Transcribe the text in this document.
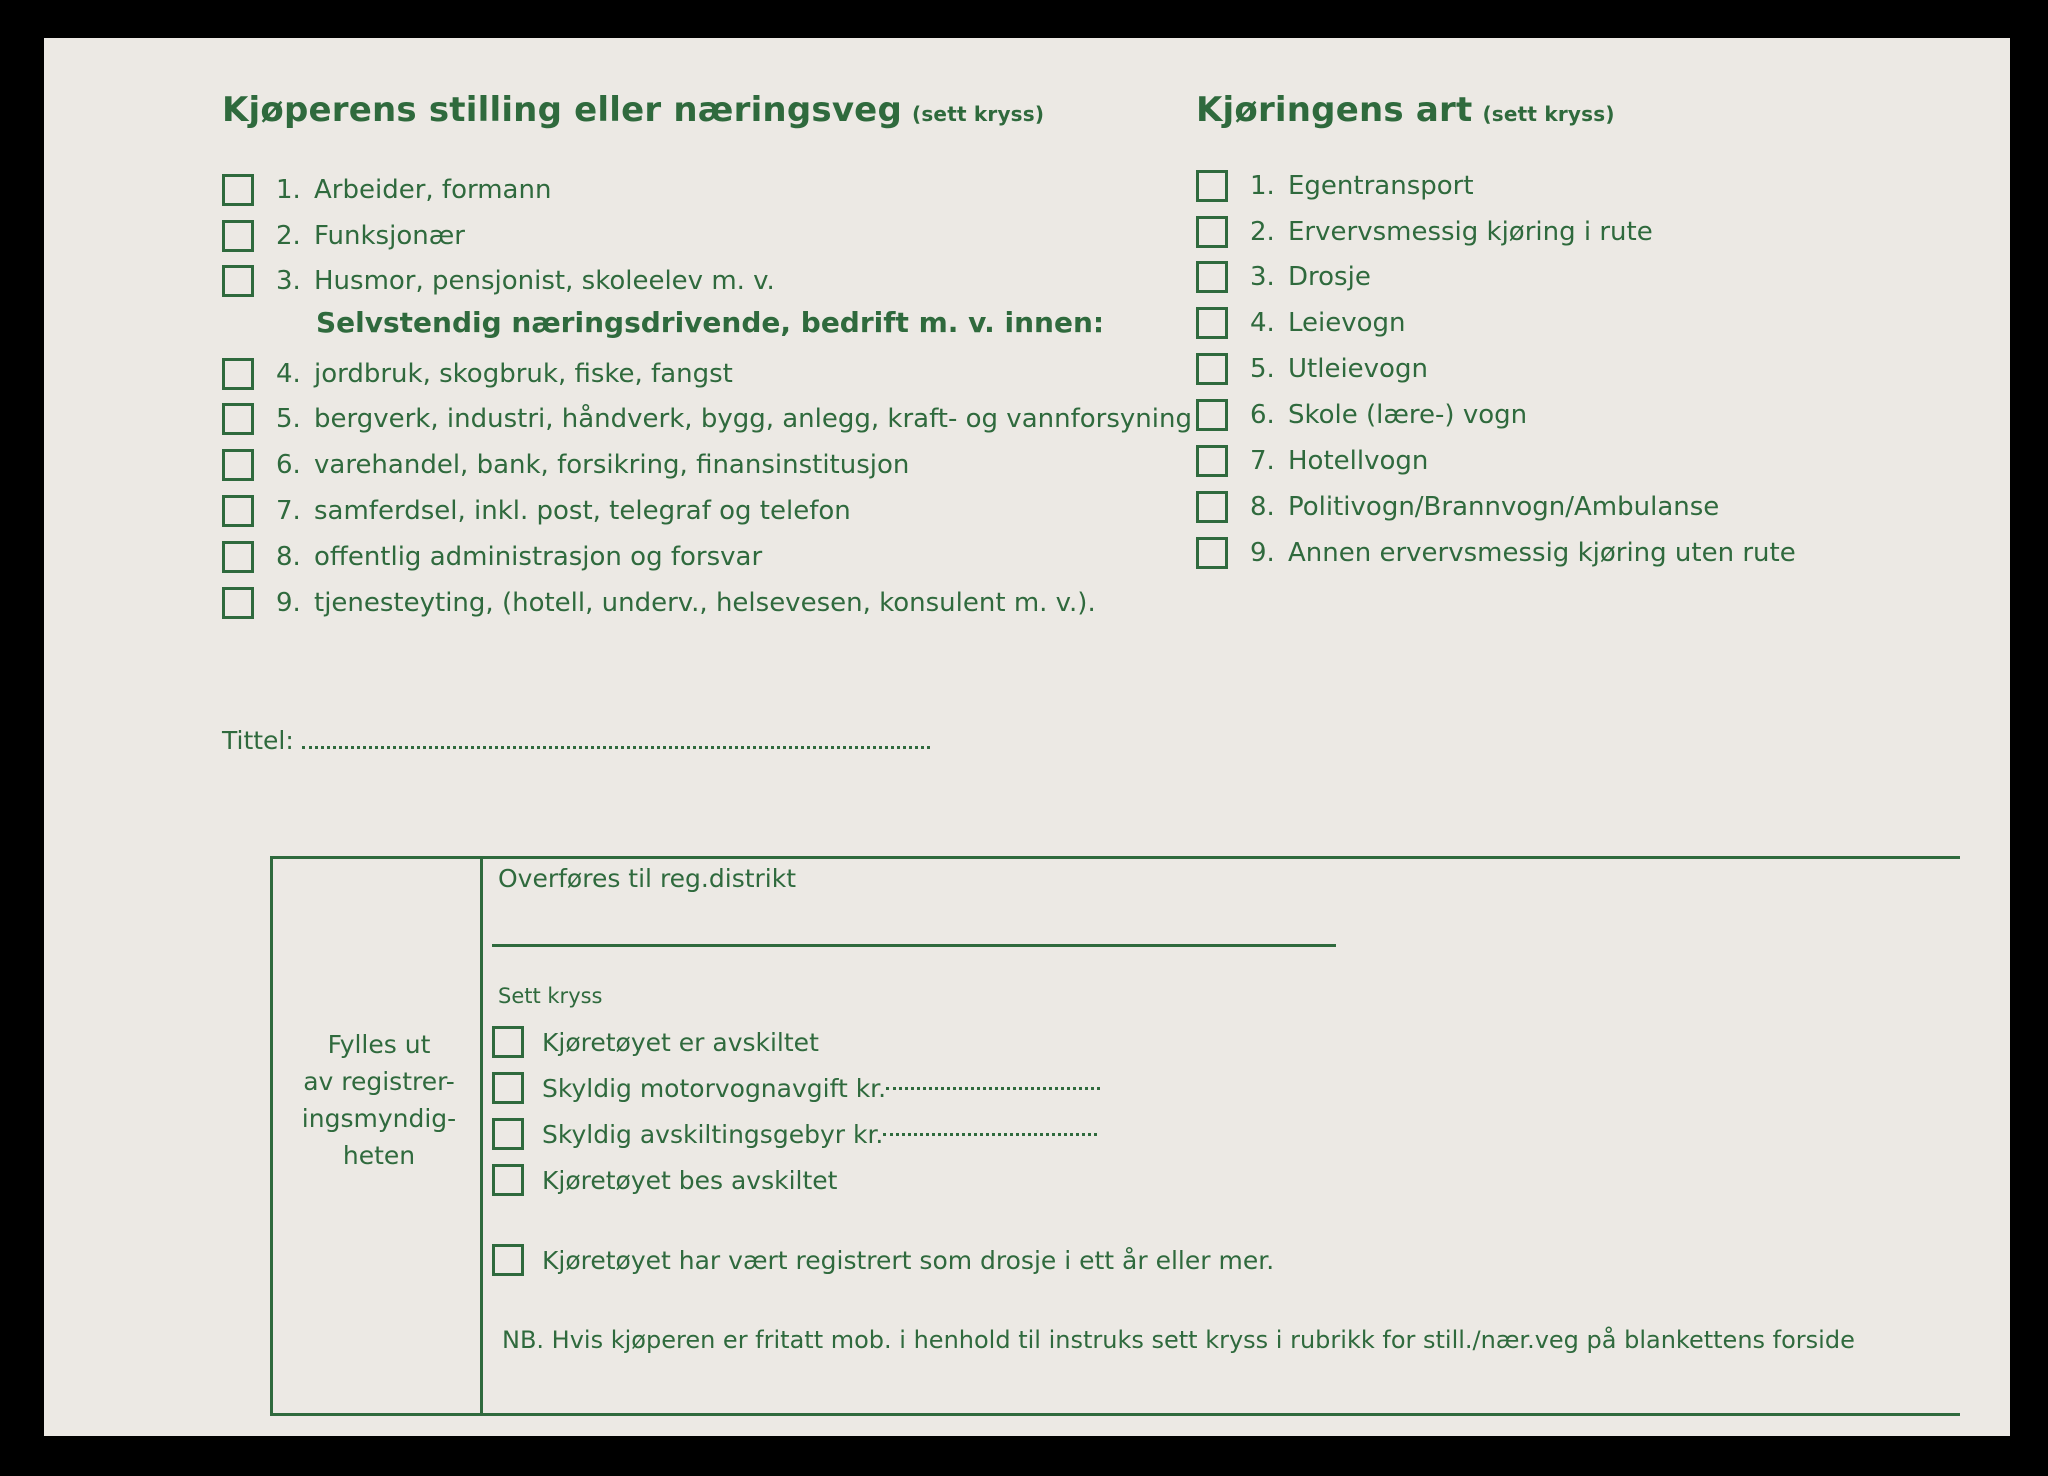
Kjøperens stilling eller næringsveg (sett kryss)
1. Arbeider, formann
2. Funksjonær
3. Husmor, pensjonist, skoleelev m. v.
Selvstendig næringsdrivende, bedrift m. v. innen:
4. jordbruk, skogbruk, fiske, fangst
5. bergverk, industri, håndverk, bygg, anlegg, kraft- og vannforsyning
6. varehandel, bank, forsikring, finansinstitusjon
7. samferdsel, inkl. post, telegraf og telefon
8. offentlig administrasjon og forsvar
9. tjenesteyting, (hotell, underv., helsevesen, konsulent m. v.).
Kjøringens art (sett kryss)
1. Egentransport
2. Ervervsmessig kjøring i rute
3. Drosje
4. Leievogn
5. Utleievogn
6. Skole (lære-) vogn
7. Hotellvogn
8. Politivogn/Brannvogn/Ambulanse
9. Annen ervervsmessig kjøring uten rute
Tittel:
Fylles ut
av registrer-
ingsmyndig-
heten
Overføres til reg.distrikt
Sett kryss
Kjøretøyet er avskiltet
Skyldig motorvognavgift kr.
Skyldig avskiltingsgebyr kr.
Kjøretøyet bes avskiltet
Kjøretøyet har vært registrert som drosje i ett år eller mer.
NB. Hvis kjøperen er fritatt mob. i henhold til instruks sett kryss i rubrikk for still./nær.veg på blankettens forside
